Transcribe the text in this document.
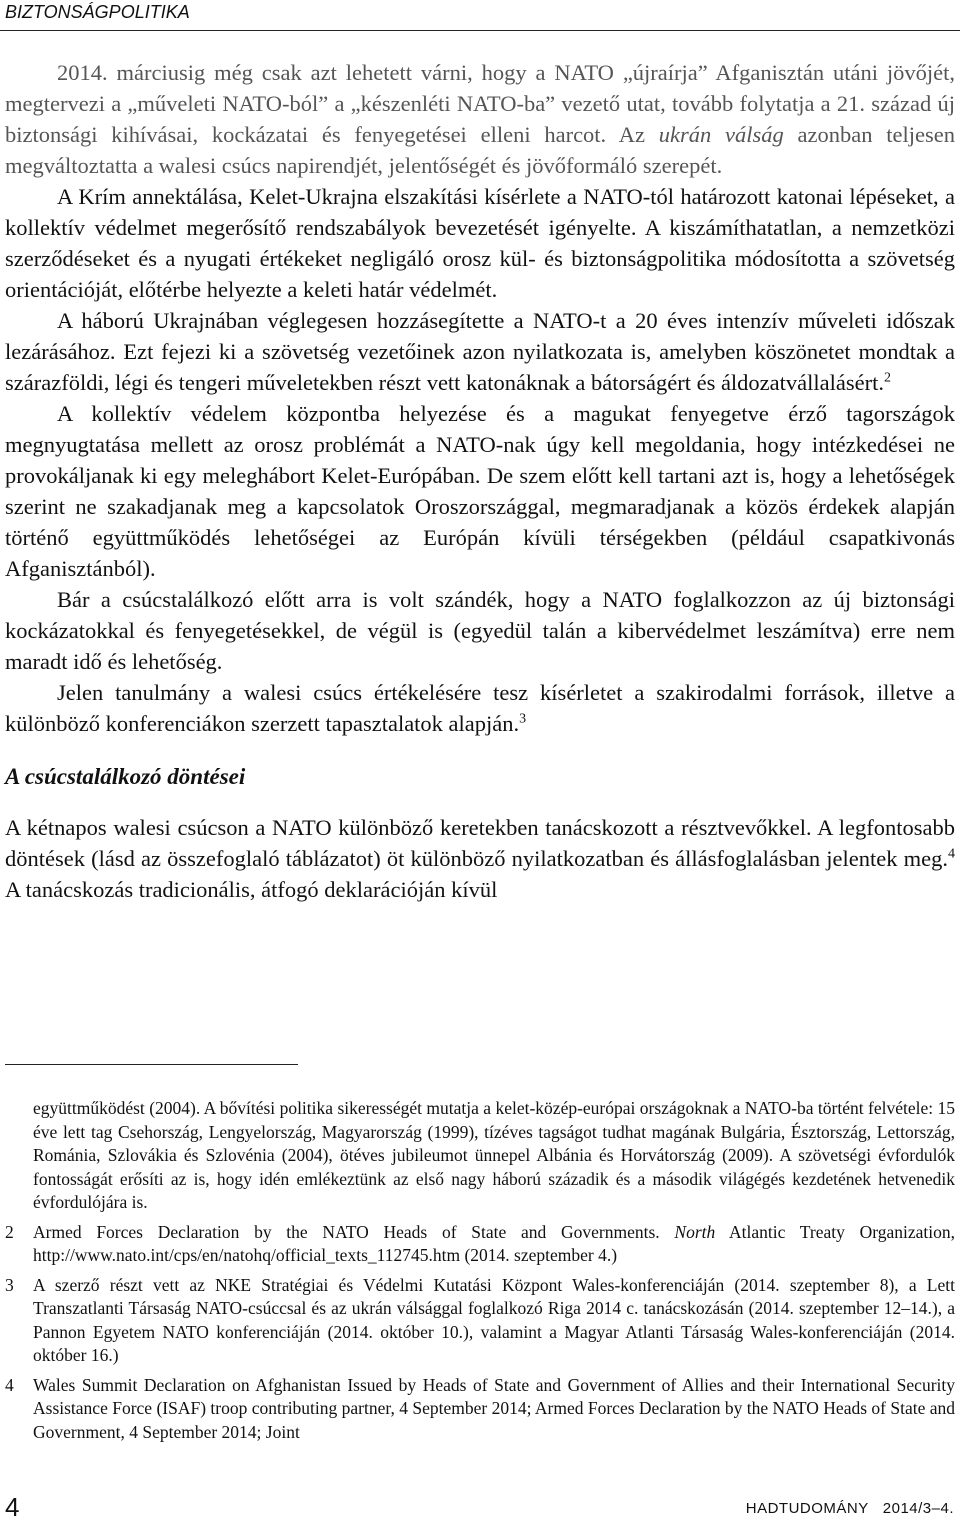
BIZTONSÁGPOLITIKA

2014. márciusig még csak azt lehetett várni, hogy a NATO „újraírja” Afganisztán utáni jövőjét, megtervezi a „műveleti NATO-ból” a „készenléti NATO-ba” vezető utat, tovább folytatja a 21. század új biztonsági kihívásai, kockázatai és fenyegetései elleni harcot. Az ukrán válság azonban teljesen megváltoztatta a walesi csúcs napirendjét, jelentőségét és jövőformáló szerepét.

A Krím annektálása, Kelet-Ukrajna elszakítási kísérlete a NATO-tól határozott katonai lépéseket, a kollektív védelmet megerősítő rendszabályok bevezetését igényelte. A kiszámíthatatlan, a nemzetközi szerződéseket és a nyugati értékeket negligáló orosz kül- és biztonságpolitika módosította a szövetség orientációját, előtérbe helyezte a keleti határ védelmét.

A háború Ukrajnában véglegesen hozzásegítette a NATO-t a 20 éves intenzív műveleti időszak lezárásához. Ezt fejezi ki a szövetség vezetőinek azon nyilatkozata is, amelyben köszönetet mondtak a szárazföldi, légi és tengeri műveletekben részt vett katonáknak a bátorságért és áldozatvállalásért.$^2$

A kollektív védelem központba helyezése és a magukat fenyegetve érző tagországok megnyugtatása mellett az orosz problémát a NATO-nak úgy kell megoldania, hogy intézkedései ne provokáljanak ki egy meleghábort Kelet-Európában. De szem előtt kell tartani azt is, hogy a lehetőségek szerint ne szakadjanak meg a kapcsolatok Oroszországgal, megmaradjanak a közös érdekek alapján történő együttműködés lehetőségei az Európán kívüli térségekben (például csapatkivonás Afganisztánból).

Bár a csúcstalálkozó előtt arra is volt szándék, hogy a NATO foglalkozzon az új biztonsági kockázatokkal és fenyegetésekkel, de végül is (egyedül talán a kibervédelmet leszámítva) erre nem maradt idő és lehetőség.

Jelen tanulmány a walesi csúcs értékelésére tesz kísérletet a szakirodalmi források, illetve a különböző konferenciákon szerzett tapasztalatok alapján.$^3$

A csúcstalálkozó döntései

A kétnapos walesi csúcson a NATO különböző keretekben tanácskozott a résztvevőkkel. A legfontosabb döntések (lásd az összefoglaló táblázatot) öt különböző nyilatkozatban és állásfoglalásban jelentek meg.$^4$ A tanácskozás tradicionális, átfogó deklarációján kívül

együttműködést (2004). A bővítési politika sikerességét mutatja a kelet-közép-európai országoknak a NATO-ba történt felvétele: 15 éve lett tag Csehország, Lengyelország, Magyarország (1999), tízéves tagságot tudhat magának Bulgária, Észtország, Lettország, Románia, Szlovákia és Szlovénia (2004), ötéves jubileumot ünnepel Albánia és Horvátország (2009). A szövetségi évfordulók fontosságát erősíti az is, hogy idén emlékeztünk az első nagy háború századik és a második világégés kezdetének hetvenedik évfordulójára is.
2	Armed Forces Declaration by the NATO Heads of State and Governments. North Atlantic Treaty Organization, http://www.nato.int/cps/en/natohq/official_texts_112745.htm (2014. szeptember 4.)
3	A szerző részt vett az NKE Stratégiai és Védelmi Kutatási Központ Wales-konferenciáján (2014. szeptember 8), a Lett Transzatlanti Társaság NATO-csúccsal és az ukrán válsággal foglalkozó Riga 2014 c. tanácskozásán (2014. szeptember 12–14.), a Pannon Egyetem NATO konferenciáján (2014. október 10.), valamint a Magyar Atlanti Társaság Wales-konferenciáján (2014. október 16.)
4	Wales Summit Declaration on Afghanistan Issued by Heads of State and Government of Allies and their International Security Assistance Force (ISAF) troop contributing partner, 4 September 2014; Armed Forces Declaration by the NATO Heads of State and Government, 4 September 2014; Joint
4	HADTUDOMÁNY 2014/3–4.
